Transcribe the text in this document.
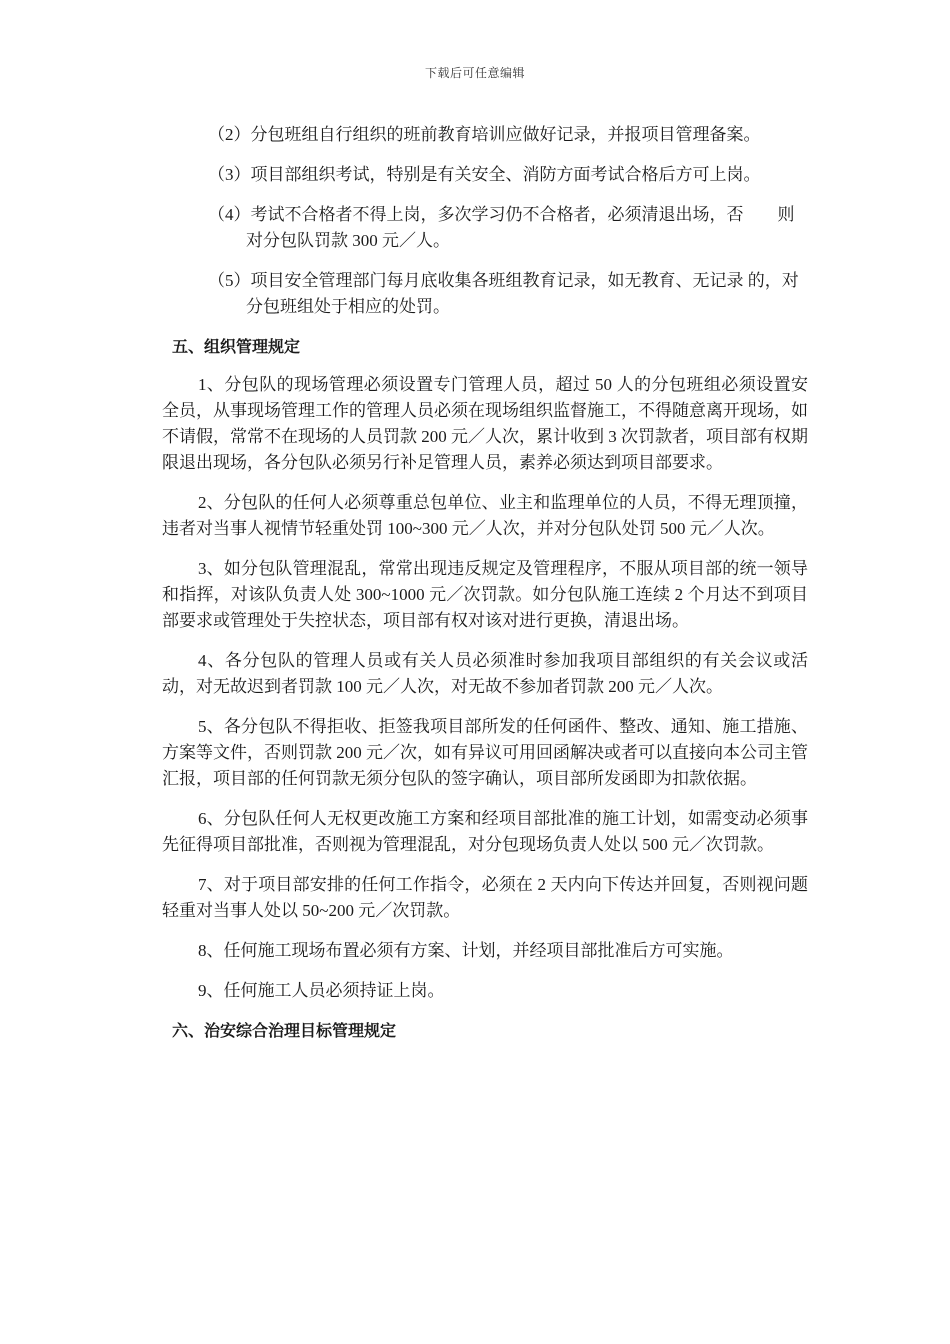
下载后可任意编辑
（2）分包班组自行组织的班前教育培训应做好记录，并报项目管理备案。
（3）项目部组织考试，特别是有关安全、消防方面考试合格后方可上岗。
（4）考试不合格者不得上岗，多次学习仍不合格者，必须清退出场，否　　则对分包队罚款 300 元／人。
（5）项目安全管理部门每月底收集各班组教育记录，如无教育、无记录 的，对分包班组处于相应的处罚。
五、组织管理规定

1、分包队的现场管理必须设置专门管理人员，超过 50 人的分包班组必须设置安全员，从事现场管理工作的管理人员必须在现场组织监督施工，不得随意离开现场，如不请假，常常不在现场的人员罚款 200 元／人次，累计收到 3 次罚款者，项目部有权期限退出现场，各分包队必须另行补足管理人员，素养必须达到项目部要求。

2、分包队的任何人必须尊重总包单位、业主和监理单位的人员，不得无理顶撞，违者对当事人视情节轻重处罚 100~300 元／人次，并对分包队处罚 500 元／人次。

3、如分包队管理混乱，常常出现违反规定及管理程序，不服从项目部的统一领导和指挥，对该队负责人处 300~1000 元／次罚款。如分包队施工连续 2 个月达不到项目部要求或管理处于失控状态，项目部有权对该对进行更换，清退出场。

4、各分包队的管理人员或有关人员必须准时参加我项目部组织的有关会议或活动，对无故迟到者罚款 100 元／人次，对无故不参加者罚款 200 元／人次。

5、各分包队不得拒收、拒签我项目部所发的任何函件、整改、通知、施工措施、方案等文件，否则罚款 200 元／次，如有异议可用回函解决或者可以直接向本公司主管汇报，项目部的任何罚款无须分包队的签字确认，项目部所发函即为扣款依据。

6、分包队任何人无权更改施工方案和经项目部批准的施工计划，如需变动必须事先征得项目部批准，否则视为管理混乱，对分包现场负责人处以 500 元／次罚款。

7、对于项目部安排的任何工作指令，必须在 2 天内向下传达并回复，否则视问题轻重对当事人处以 50~200 元／次罚款。

8、任何施工现场布置必须有方案、计划，并经项目部批准后方可实施。

9、任何施工人员必须持证上岗。

六、治安综合治理目标管理规定
